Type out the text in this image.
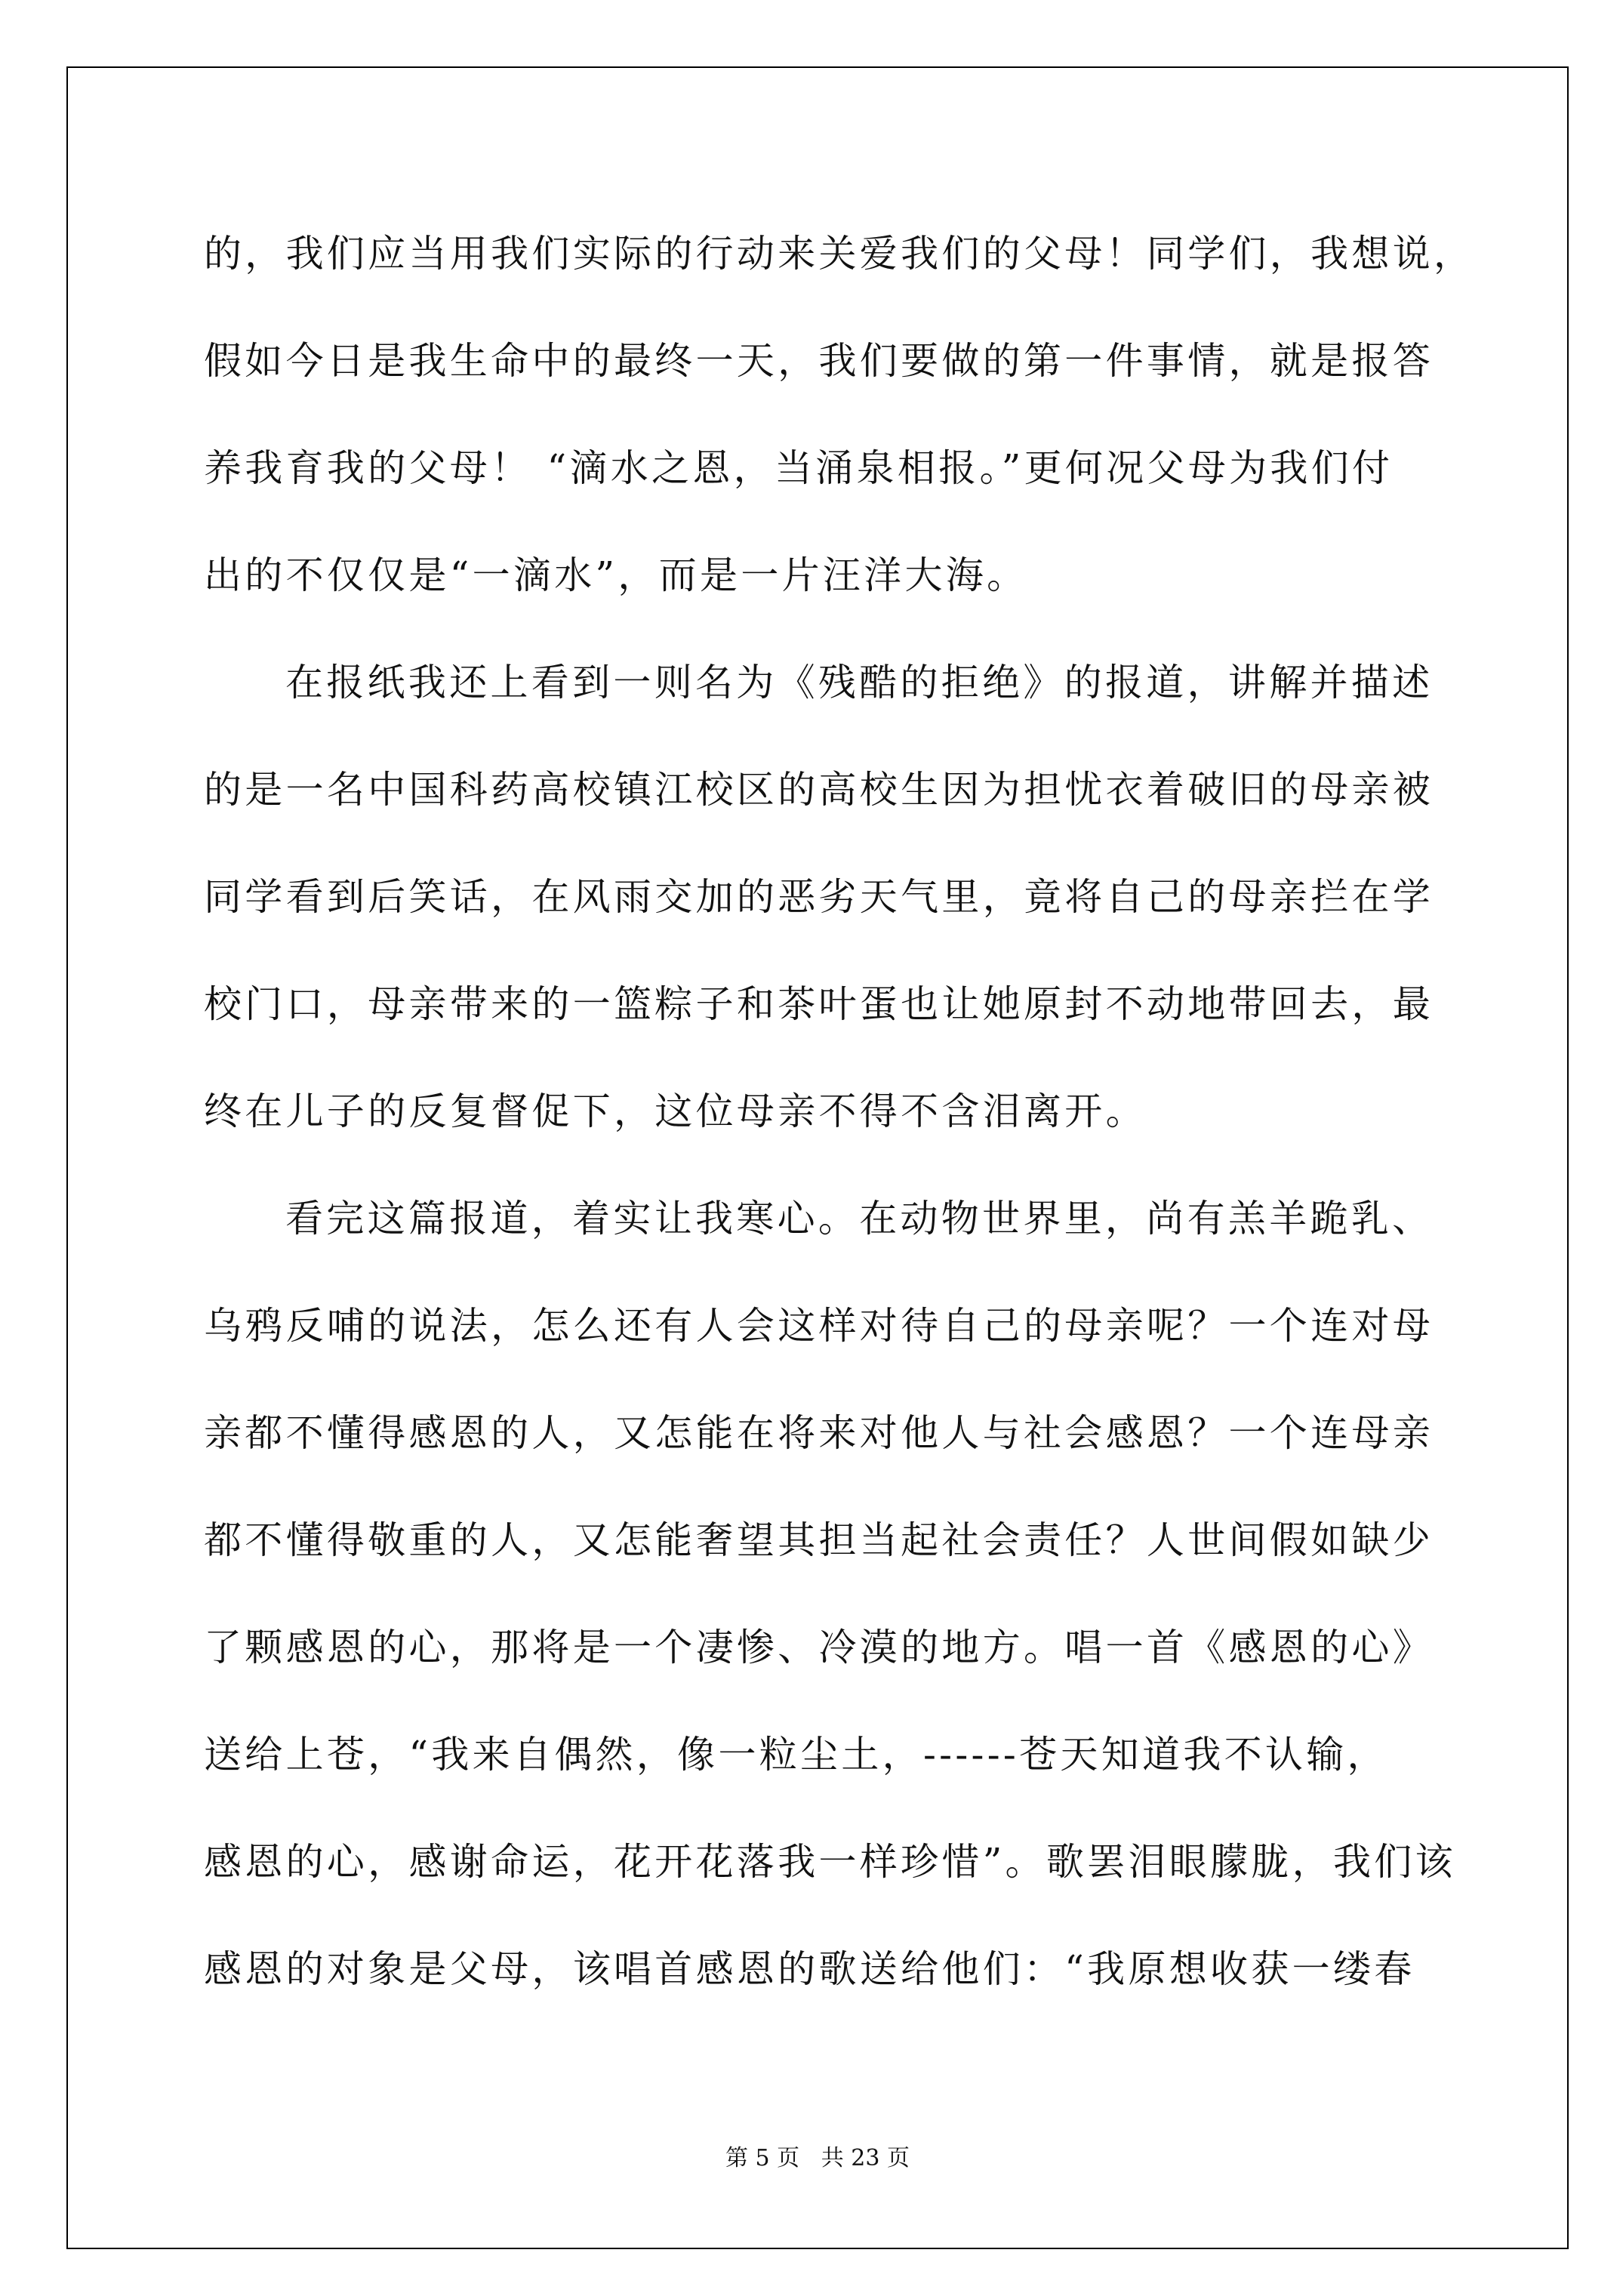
的，我们应当用我们实际的行动来关爱我们的父母！同学们，我想说，
假如今日是我生命中的最终一天，我们要做的第一件事情，就是报答
养我育我的父母！ “滴水之恩，当涌泉相报。”更何况父母为我们付
出的不仅仅是“一滴水”，而是一片汪洋大海。
在报纸我还上看到一则名为《残酷的拒绝》的报道，讲解并描述
的是一名中国科药高校镇江校区的高校生因为担忧衣着破旧的母亲被
同学看到后笑话，在风雨交加的恶劣天气里，竟将自己的母亲拦在学
校门口，母亲带来的一篮粽子和茶叶蛋也让她原封不动地带回去，最
终在儿子的反复督促下，这位母亲不得不含泪离开。
看完这篇报道，着实让我寒心。在动物世界里，尚有羔羊跪乳、
乌鸦反哺的说法，怎么还有人会这样对待自己的母亲呢？一个连对母
亲都不懂得感恩的人，又怎能在将来对他人与社会感恩？一个连母亲
都不懂得敬重的人，又怎能奢望其担当起社会责任？人世间假如缺少
了颗感恩的心，那将是一个凄惨、冷漠的地方。唱一首《感恩的心》
送给上苍，“我来自偶然，像一粒尘土，------苍天知道我不认输，
感恩的心，感谢命运，花开花落我一样珍惜”。歌罢泪眼朦胧，我们该
感恩的对象是父母，该唱首感恩的歌送给他们：“我原想收获一缕春
第 5 页   共 23 页
